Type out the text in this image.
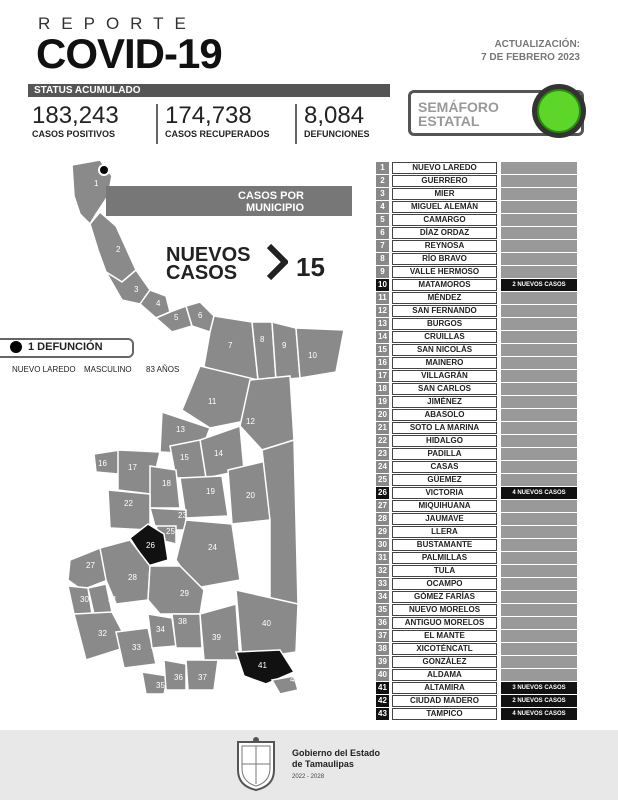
REPORTE
COVID-19	ACTUALIZACIÓN:
7 DE FEBRERO 2023
STATUS ACUMULADO
183,243
CASOS POSITIVOS
174,738
CASOS RECUPERADOS
8,084
DEFUNCIONES
SEMÁFORO
ESTATAL
1
2
3
4
5 6
7
8
9
10
11
12
13
14
15
16	17
18
19	20
21
22
23
24
25
26
27
28
29
30 31
32
33
34
35
36 37
38
39
40
41
42
CASOS POR
MUNICIPIO
NUEVOS
CASOS	15
1 DEFUNCIÓN
NUEVO LAREDO MASCULINO 83 AÑOS
1	NUEVO LAREDO
2	GUERRERO
3	MIER
4	MIGUEL ALEMÁN
5	CAMARGO
6	DÍAZ ORDAZ
7	REYNOSA
8	RÍO BRAVO
9	VALLE HERMOSO
10	MATAMOROS	2 NUEVOS CASOS
11	MÉNDEZ
12	SAN FERNANDO
13	BURGOS
14	CRUILLAS
15	SAN NICOLÁS
16	MAINERO
17	VILLAGRÁN
18	SAN CARLOS
19	JIMÉNEZ
20	ABASOLO
21	SOTO LA MARINA
22	HIDALGO
23	PADILLA
24	CASAS
25	GÜEMEZ
26	VICTORIA	4 NUEVOS CASOS
27	MIQUIHUANA
28	JAUMAVE
29	LLERA
30	BUSTAMANTE
31	PALMILLAS
32	TULA
33	OCAMPO
34	GÓMEZ FARÍAS
35	NUEVO MORELOS
36	ANTIGUO MORELOS
37	EL MANTE
38	XICOTÉNCATL
39	GONZÁLEZ
40	ALDAMA
41	ALTAMIRA	3 NUEVOS CASOS
42	CIUDAD MADERO	2 NUEVOS CASOS
43	TAMPICO	4 NUEVOS CASOS
Gobierno del Estado
de Tamaulipas
2022 - 2028
